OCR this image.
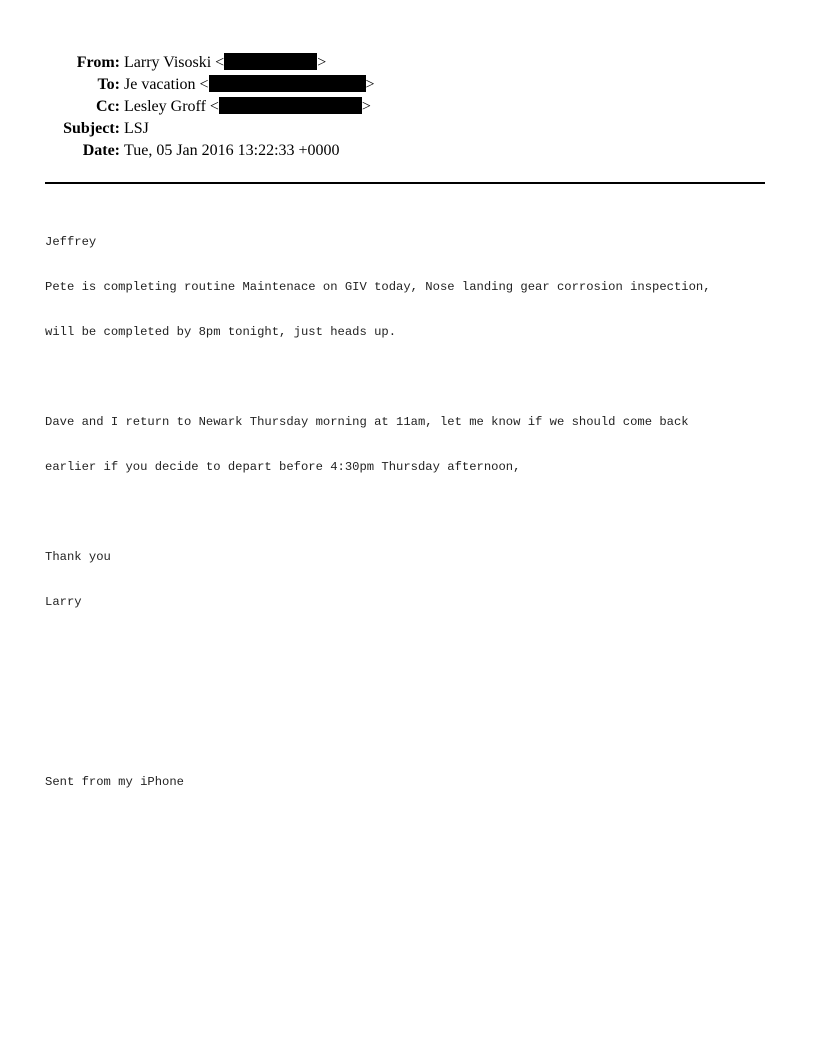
From: Larry Visoski <	>
To: Je vacation <	>
Cc: Lesley Groff <	>
Subject: LSJ
Date: Tue, 05 Jan 2016 13:22:33 +0000

Jeffrey

Pete is completing routine Maintenace on GIV today, Nose landing gear corrosion inspection,

will be completed by 8pm tonight, just heads up.

Dave and I return to Newark Thursday morning at 11am, let me know if we should come back

earlier if you decide to depart before 4:30pm Thursday afternoon,

Thank you

Larry

Sent from my iPhone
